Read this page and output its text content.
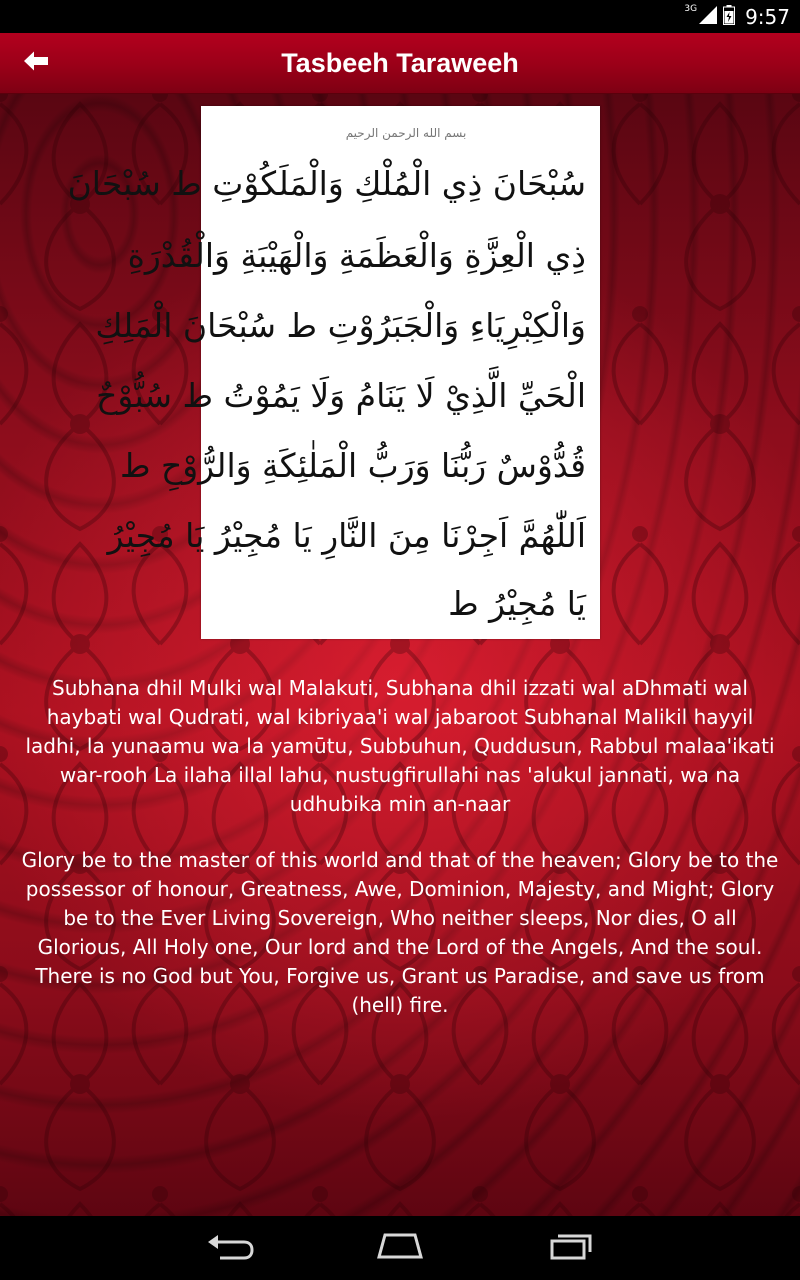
3G 9:57
Tasbeeh Taraweeh
بسم الله الرحمن الرحيم
سُبْحَانَ ذِي الْمُلْكِ وَالْمَلَكُوْتِ ط سُبْحَانَ
ذِي الْعِزَّةِ وَالْعَظَمَةِ وَالْهَيْبَةِ وَالْقُدْرَةِ
وَالْكِبْرِيَاءِ وَالْجَبَرُوْتِ ط سُبْحَانَ الْمَلِكِ
الْحَيِّ الَّذِيْ لَا يَنَامُ وَلَا يَمُوْتُ ط سُبُّوْحٌ
قُدُّوْسٌ رَبُّنَا وَرَبُّ الْمَلٰئِكَةِ وَالرُّوْحِ ط
اَللّٰهُمَّ اَجِرْنَا مِنَ النَّارِ يَا مُجِيْرُ يَا مُجِيْرُ
يَا مُجِيْرُ ط
Subhana dhil Mulki wal Malakuti, Subhana dhil izzati wal aDhmati wal haybati wal Qudrati, wal kibriyaa'i wal jabaroot Subhanal Malikil hayyil ladhi, la yunaamu wa la yamūtu, Subbuhun, Quddusun, Rabbul malaa'ikati war-rooh La ilaha illal lahu, nustugfirullahi nas 'alukul jannati, wa na udhubika min an-naar
Glory be to the master of this world and that of the heaven; Glory be to the possessor of honour, Greatness, Awe, Dominion, Majesty, and Might; Glory be to the Ever Living Sovereign, Who neither sleeps, Nor dies, O all Glorious, All Holy one, Our lord and the Lord of the Angels, And the soul. There is no God but You, Forgive us, Grant us Paradise, and save us from (hell) fire.
